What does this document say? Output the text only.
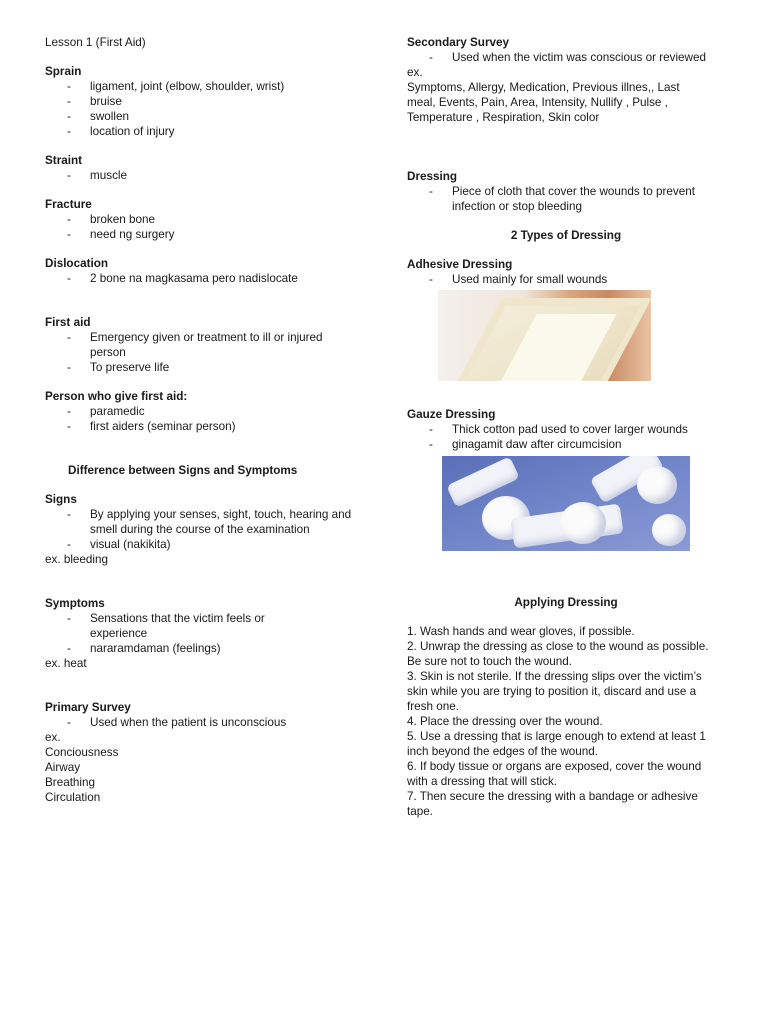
Lesson 1 (First Aid)

Sprain

- ligament, joint (elbow, shoulder, wrist)
- bruise
- swollen
- location of injury

Straint

- muscle

Fracture

- broken bone
- need ng surgery

Dislocation

- 2 bone na magkasama pero nadislocate

First aid

- Emergency given or treatment to ill or injured person
- To preserve life

Person who give first aid:

- paramedic
- first aiders (seminar person)

Difference between Signs and Symptoms

Signs

- By applying your senses, sight, touch, hearing and smell during the course of the examination
- visual (nakikita)

ex. bleeding

Symptoms

- Sensations that the victim feels or experience
- nararamdaman (feelings)

ex. heat

Primary Survey

- Used when the patient is unconscious

ex.

Conciousness

Airway

Breathing

Circulation

Secondary Survey

- Used when the victim was conscious or reviewed

ex.

Symptoms, Allergy, Medication, Previous illnes,, Last meal, Events, Pain, Area, Intensity, Nullify , Pulse , Temperature , Respiration, Skin color

Dressing

- Piece of cloth that cover the wounds to prevent infection or stop bleeding

2 Types of Dressing

Adhesive Dressing

- Used mainly for small wounds

Gauze Dressing

- Thick cotton pad used to cover larger wounds
- ginagamit daw after circumcision

Applying Dressing

1. Wash hands and wear gloves, if possible.

2. Unwrap the dressing as close to the wound as possible. Be sure not to touch the wound.

3. Skin is not sterile. If the dressing slips over the victim’s skin while you are trying to position it, discard and use a fresh one.

4. Place the dressing over the wound.

5. Use a dressing that is large enough to extend at least 1 inch beyond the edges of the wound.

6. If body tissue or organs are exposed, cover the wound with a dressing that will stick.

7. Then secure the dressing with a bandage or adhesive tape.
